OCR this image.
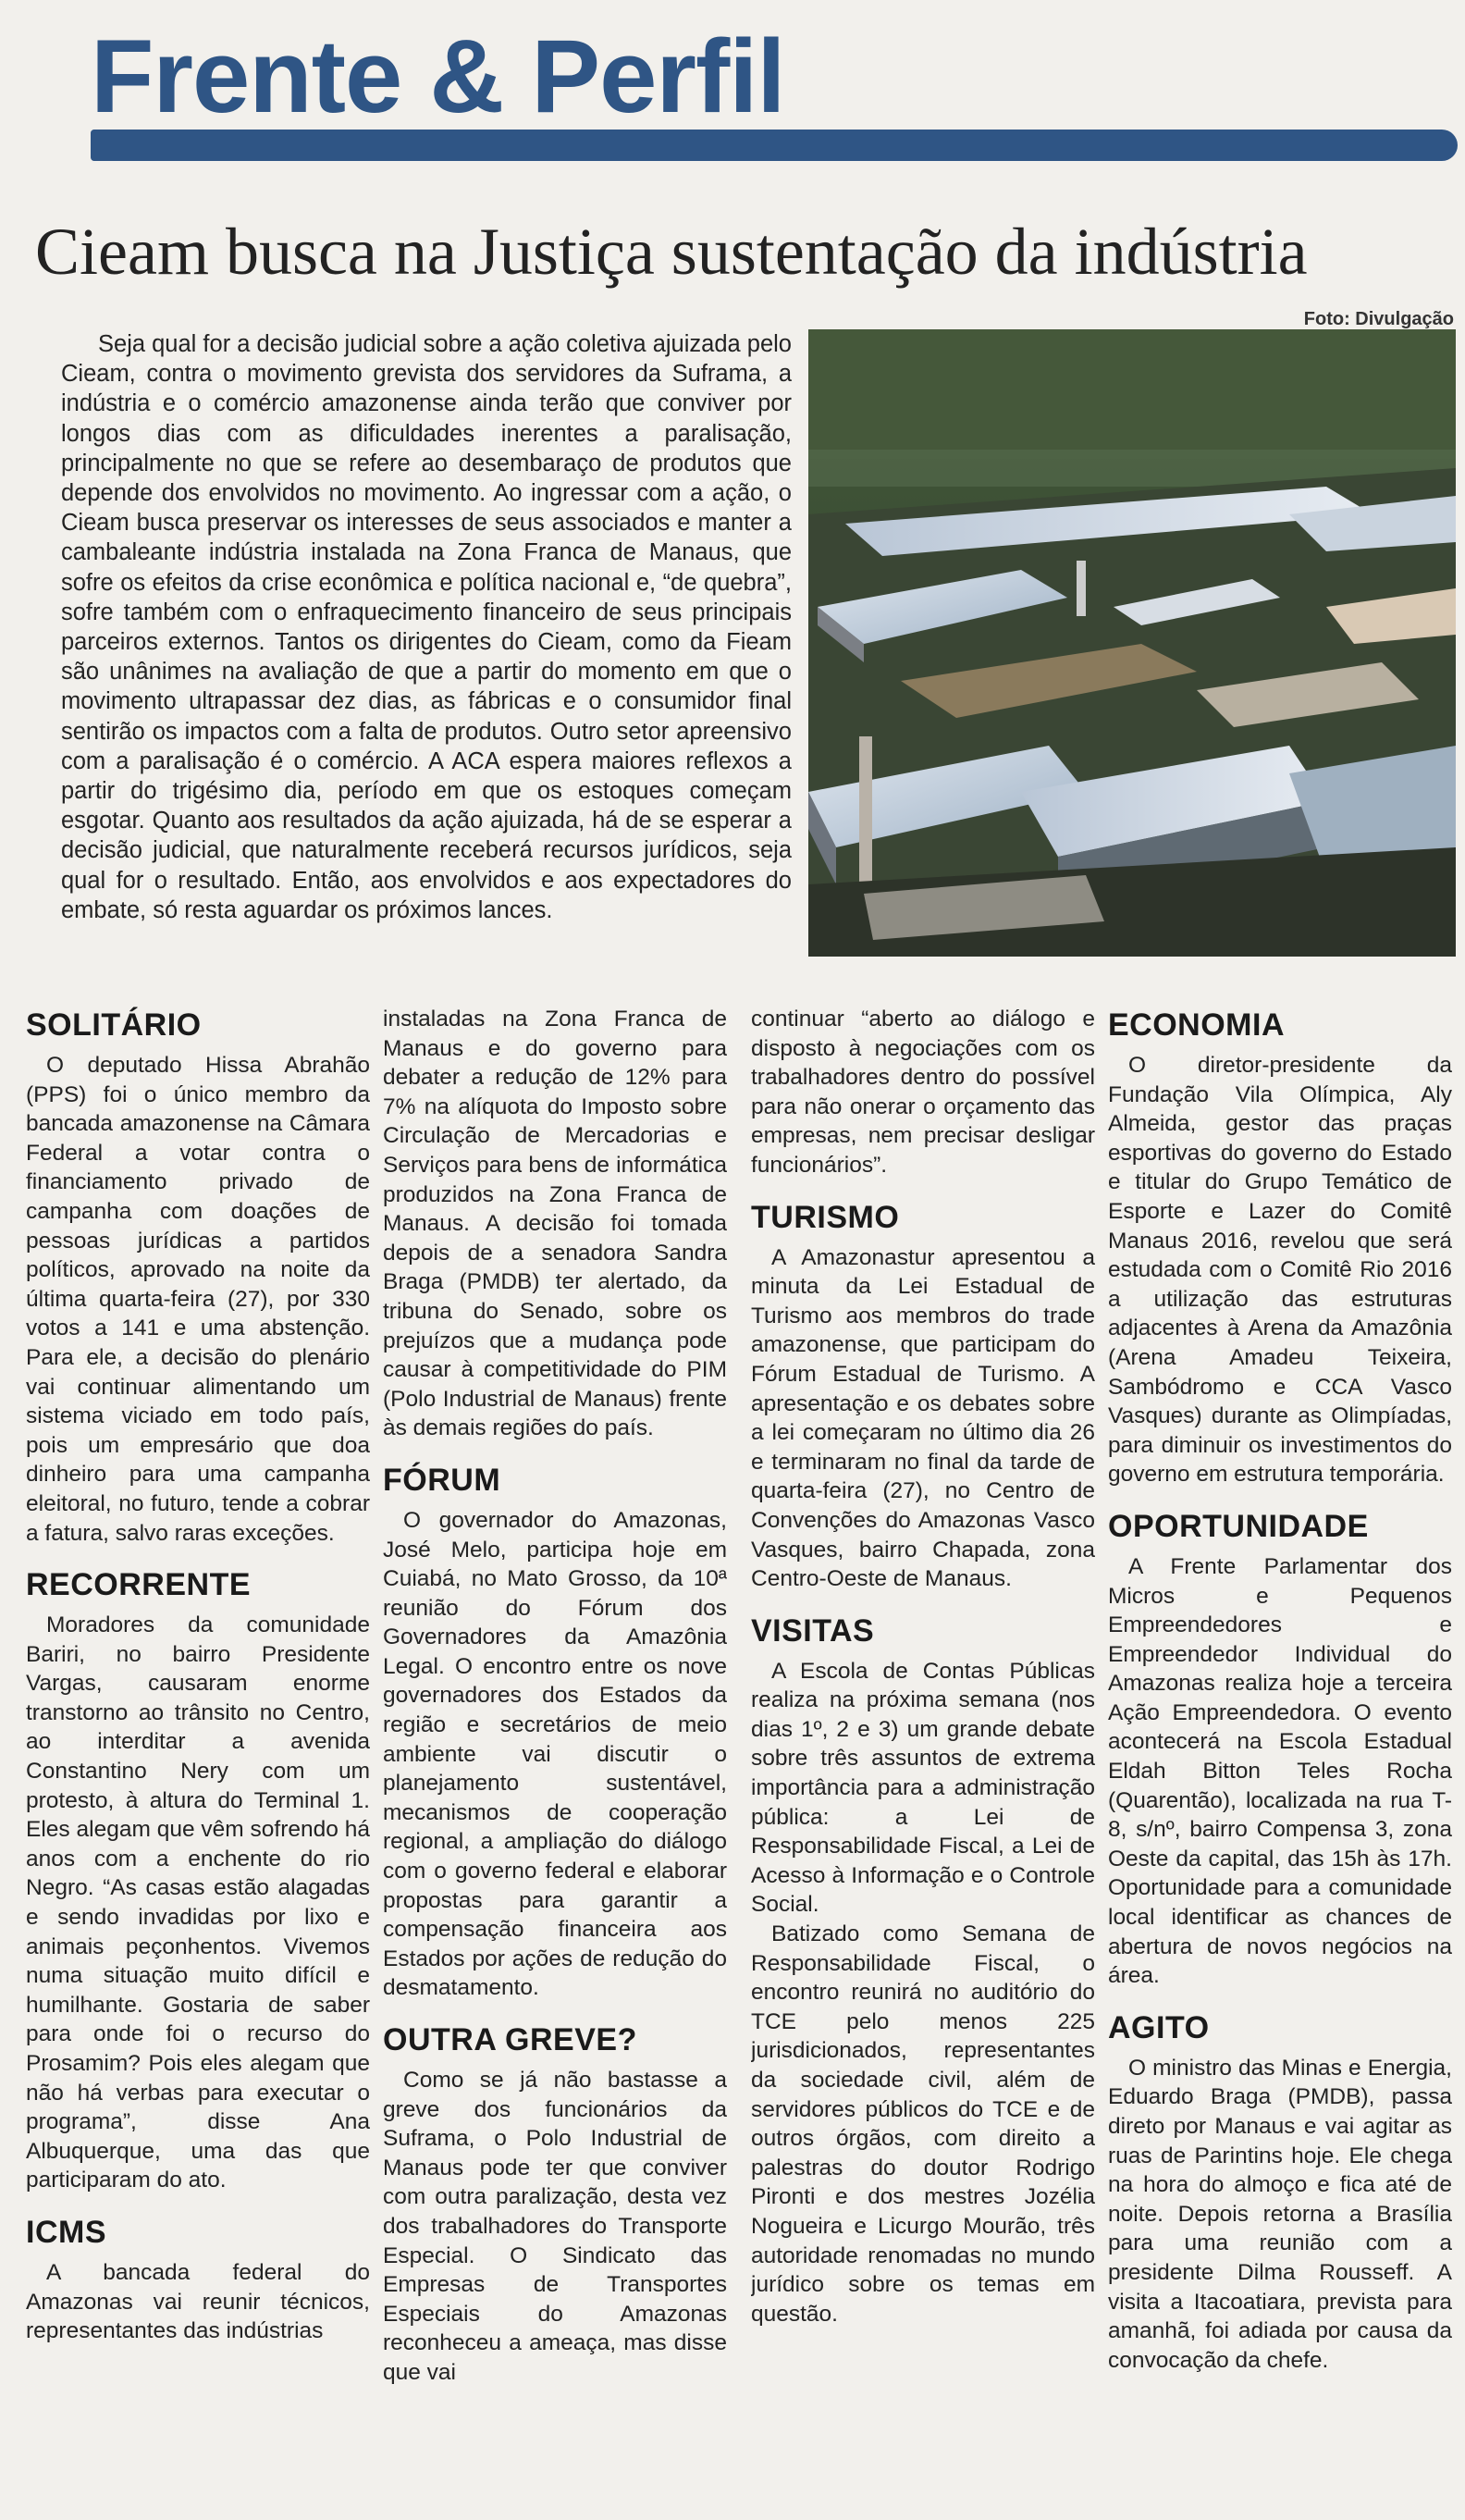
Frente & Perfil
Cieam busca na Justiça sustentação da indústria

Foto: Divulgação

Seja qual for a decisão judicial sobre a ação coletiva ajuizada pelo Cieam, contra o movimento grevista dos servidores da Suframa, a indústria e o comércio amazonense ainda terão que conviver por longos dias com as dificuldades inerentes a paralisação, principalmente no que se refere ao desembaraço de produtos que depende dos envolvidos no movimento. Ao ingressar com a ação, o Cieam busca preservar os interesses de seus associados e manter a cambaleante indústria instalada na Zona Franca de Manaus, que sofre os efeitos da crise econômica e política nacional e, “de quebra”, sofre também com o enfraquecimento financeiro de seus principais parceiros externos. Tantos os dirigentes do Cieam, como da Fieam são unânimes na avaliação de que a partir do momento em que o movimento ultrapassar dez dias, as fábricas e o consumidor final sentirão os impactos com a falta de produtos. Outro setor apreensivo com a paralisação é o comércio. A ACA espera maiores reflexos a partir do trigésimo dia, período em que os estoques começam esgotar. Quanto aos resultados da ação ajuizada, há de se esperar a decisão judicial, que naturalmente receberá recursos jurídicos, seja qual for o resultado. Então, aos envolvidos e aos expectadores do embate, só resta aguardar os próximos lances.

SOLITÁRIO

O deputado Hissa Abrahão (PPS) foi o único membro da bancada amazonense na Câmara Federal a votar contra o financiamento privado de campanha com doações de pessoas jurídicas a partidos políticos, aprovado na noite da última quarta-feira (27), por 330 votos a 141 e uma abstenção. Para ele, a decisão do plenário vai continuar alimentando um sistema viciado em todo país, pois um empresário que doa dinheiro para uma campanha eleitoral, no futuro, tende a cobrar a fatura, salvo raras exceções.

RECORRENTE

Moradores da comunidade Bariri, no bairro Presidente Vargas, causaram enorme transtorno ao trânsito no Centro, ao interditar a avenida Constantino Nery com um protesto, à altura do Terminal 1. Eles alegam que vêm sofrendo há anos com a enchente do rio Negro. “As casas estão alagadas e sendo invadidas por lixo e animais peçonhentos. Vivemos numa situação muito difícil e humilhante. Gostaria de saber para onde foi o recurso do Prosamim? Pois eles alegam que não há verbas para executar o programa”, disse Ana Albuquerque, uma das que participaram do ato.

ICMS

A bancada federal do Amazonas vai reunir técnicos, representantes das indústrias

instaladas na Zona Franca de Manaus e do governo para debater a redução de 12% para 7% na alíquota do Imposto sobre Circulação de Mercadorias e Serviços para bens de informática produzidos na Zona Franca de Manaus. A decisão foi tomada depois de a senadora Sandra Braga (PMDB) ter alertado, da tribuna do Senado, sobre os prejuízos que a mudança pode causar à competitividade do PIM (Polo Industrial de Manaus) frente às demais regiões do país.

FÓRUM

O governador do Amazonas, José Melo, participa hoje em Cuiabá, no Mato Grosso, da 10ª reunião do Fórum dos Governadores da Amazônia Legal. O encontro entre os nove governadores dos Estados da região e secretários de meio ambiente vai discutir o planejamento sustentável, mecanismos de cooperação regional, a ampliação do diálogo com o governo federal e elaborar propostas para garantir a compensação financeira aos Estados por ações de redução do desmatamento.

OUTRA GREVE?

Como se já não bastasse a greve dos funcionários da Suframa, o Polo Industrial de Manaus pode ter que conviver com outra paralização, desta vez dos trabalhadores do Transporte Especial. O Sindicato das Empresas de Transportes Especiais do Amazonas reconheceu a ameaça, mas disse que vai

continuar “aberto ao diálogo e disposto à negociações com os trabalhadores dentro do possível para não onerar o orçamento das empresas, nem precisar desligar funcionários”.

TURISMO

A Amazonastur apresentou a minuta da Lei Estadual de Turismo aos membros do trade amazonense, que participam do Fórum Estadual de Turismo. A apresentação e os debates sobre a lei começaram no último dia 26 e terminaram no final da tarde de quarta-feira (27), no Centro de Convenções do Amazonas Vasco Vasques, bairro Chapada, zona Centro-Oeste de Manaus.

VISITAS

A Escola de Contas Públicas realiza na próxima semana (nos dias 1º, 2 e 3) um grande debate sobre três assuntos de extrema importância para a administração pública: a Lei de Responsabilidade Fiscal, a Lei de Acesso à Informação e o Controle Social.

Batizado como Semana de Responsabilidade Fiscal, o encontro reunirá no auditório do TCE pelo menos 225 jurisdicionados, representantes da sociedade civil, além de servidores públicos do TCE e de outros órgãos, com direito a palestras do doutor Rodrigo Pironti e dos mestres Jozélia Nogueira e Licurgo Mourão, três autoridade renomadas no mundo jurídico sobre os temas em questão.

ECONOMIA

O diretor-presidente da Fundação Vila Olímpica, Aly Almeida, gestor das praças esportivas do governo do Estado e titular do Grupo Temático de Esporte e Lazer do Comitê Manaus 2016, revelou que será estudada com o Comitê Rio 2016 a utilização das estruturas adjacentes à Arena da Amazônia (Arena Amadeu Teixeira, Sambódromo e CCA Vasco Vasques) durante as Olimpíadas, para diminuir os investimentos do governo em estrutura temporária.

OPORTUNIDADE

A Frente Parlamentar dos Micros e Pequenos Empreendedores e Empreendedor Individual do Amazonas realiza hoje a terceira Ação Empreendedora. O evento acontecerá na Escola Estadual Eldah Bitton Teles Rocha (Quarentão), localizada na rua T-8, s/nº, bairro Compensa 3, zona Oeste da capital, das 15h às 17h. Oportunidade para a comunidade local identificar as chances de abertura de novos negócios na área.

AGITO

O ministro das Minas e Energia, Eduardo Braga (PMDB), passa direto por Manaus e vai agitar as ruas de Parintins hoje. Ele chega na hora do almoço e fica até de noite. Depois retorna a Brasília para uma reunião com a presidente Dilma Rousseff. A visita a Itacoatiara, prevista para amanhã, foi adiada por causa da convocação da chefe.
